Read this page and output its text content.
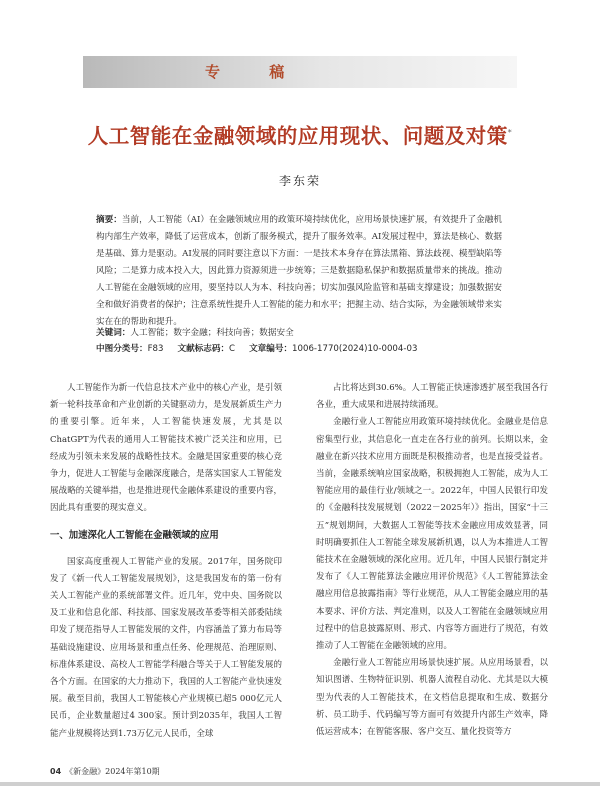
专 稿
人工智能在金融领域的应用现状、问题及对策*
李东荣
摘要：当前，人工智能（AI）在金融领域应用的政策环境持续优化，应用场景快速扩展，有效提升了金融机构内部生产效率，降低了运营成本，创新了服务模式，提升了服务效率。AI发展过程中，算法是核心、数据是基础、算力是驱动。AI发展的同时要注意以下方面：一是技术本身存在算法黑箱、算法歧视、模型缺陷等风险；二是算力成本投入大，因此算力资源须进一步统筹；三是数据隐私保护和数据质量带来的挑战。推动人工智能在金融领域的应用，要坚持以人为本、科技向善；切实加强风险监管和基础支撑建设；加强数据安全和做好消费者的保护；注意系统性提升人工智能的能力和水平；把握主动、结合实际，为金融领域带来实实在在的帮助和提升。
关键词：人工智能；数字金融；科技向善；数据安全
中图分类号：F83 文献标志码：C 文章编号：1006-1770(2024)10-0004-03

人工智能作为新一代信息技术产业中的核心产业，是引领新一轮科技革命和产业创新的关键驱动力，是发展新质生产力的重要引擎。近年来，人工智能快速发展，尤其是以ChatGPT为代表的通用人工智能技术被广泛关注和应用，已经成为引领未来发展的战略性技术。金融是国家重要的核心竞争力，促进人工智能与金融深度融合，是落实国家人工智能发展战略的关键举措，也是推进现代金融体系建设的重要内容，因此具有重要的现实意义。

一、加速深化人工智能在金融领域的应用

国家高度重视人工智能产业的发展。2017年，国务院印发了《新一代人工智能发展规划》，这是我国发布的第一份有关人工智能产业的系统部署文件。近几年，党中央、国务院以及工业和信息化部、科技部、国家发展改革委等相关部委陆续印发了规范指导人工智能发展的文件，内容涵盖了算力布局等基础设施建设、应用场景和重点任务、伦理规范、治理原则、标准体系建设、高校人工智能学科融合等关于人工智能发展的各个方面。在国家的大力推动下，我国的人工智能产业快速发展。截至目前，我国人工智能核心产业规模已超5 000亿元人民币，企业数量超过4 300家。预计到2035年，我国人工智能产业规模将达到1.73万亿元人民币，全球

占比将达到30.6%。人工智能正快速渗透扩展至我国各行各业，重大成果和进展持续涌现。

金融行业人工智能应用政策环境持续优化。金融业是信息密集型行业，其信息化一直走在各行业的前列。长期以来，金融业在新兴技术应用方面既是积极推动者，也是直接受益者。当前，金融系统响应国家战略，积极拥抱人工智能，成为人工智能应用的最佳行业/领域之一。2022年，中国人民银行印发的《金融科技发展规划（2022－2025年）》指出，国家“十三五”规划期间，大数据人工智能等技术金融应用成效显著，同时明确要抓住人工智能全球发展新机遇，以人为本推进人工智能技术在金融领域的深化应用。近几年，中国人民银行制定并发布了《人工智能算法金融应用评价规范》《人工智能算法金融应用信息披露指南》等行业规范，从人工智能金融应用的基本要求、评价方法、判定准则，以及人工智能在金融领域应用过程中的信息披露原则、形式、内容等方面进行了规范，有效推动了人工智能在金融领域的应用。

金融行业人工智能应用场景快速扩展。从应用场景看，以知识图谱、生物特征识别、机器人流程自动化、尤其是以大模型为代表的人工智能技术，在文档信息提取和生成、数据分析、员工助手、代码编写等方面可有效提升内部生产效率，降低运营成本；在智能客服、客户交互、量化投资等方

04 《新金融》2024年第10期
